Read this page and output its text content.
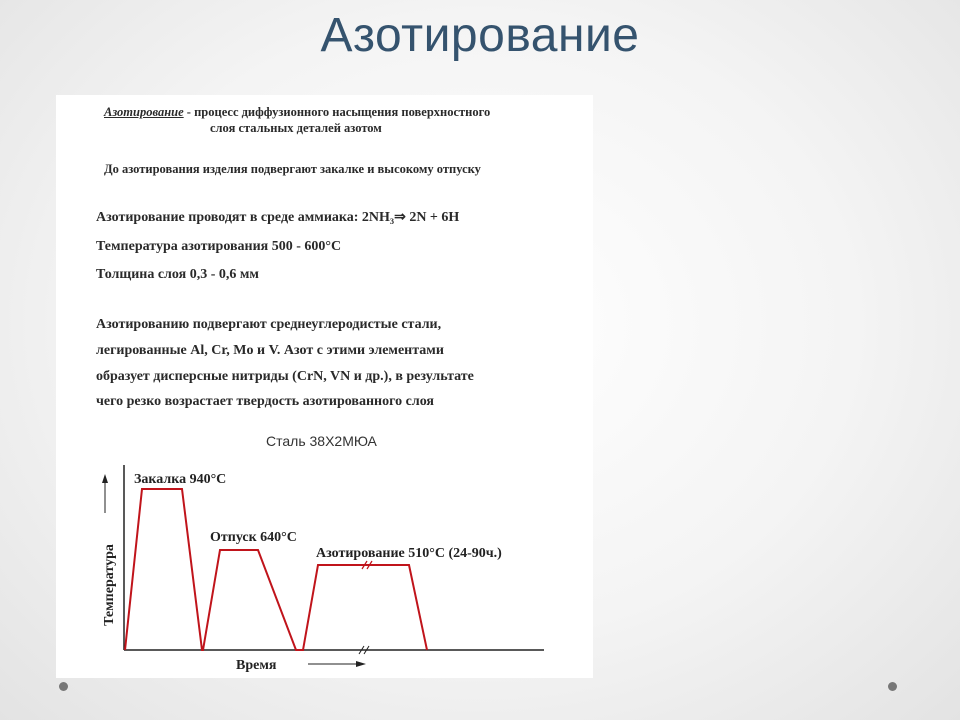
Азотирование
Азотирование - процесс диффузионного насыщения поверхностного
слоя стальных деталей азотом
До азотирования изделия подвергают закалке и высокому отпуску
Азотирование проводят в среде аммиака: 2NH₃⇒ 2N + 6H
Температура азотирования 500 - 600°С
Толщина слоя 0,3 - 0,6 мм
Азотированию подвергают среднеуглеродистые стали,
легированные Al, Cr, Mo и V. Азот с этими элементами
образует дисперсные нитриды (CrN, VN и др.), в результате
чего резко возрастает твердость азотированного слоя
Сталь 38Х2МЮА
Температура
Время
Закалка 940°С
Отпуск 640°С
Азотирование 510°С (24-90ч.)
